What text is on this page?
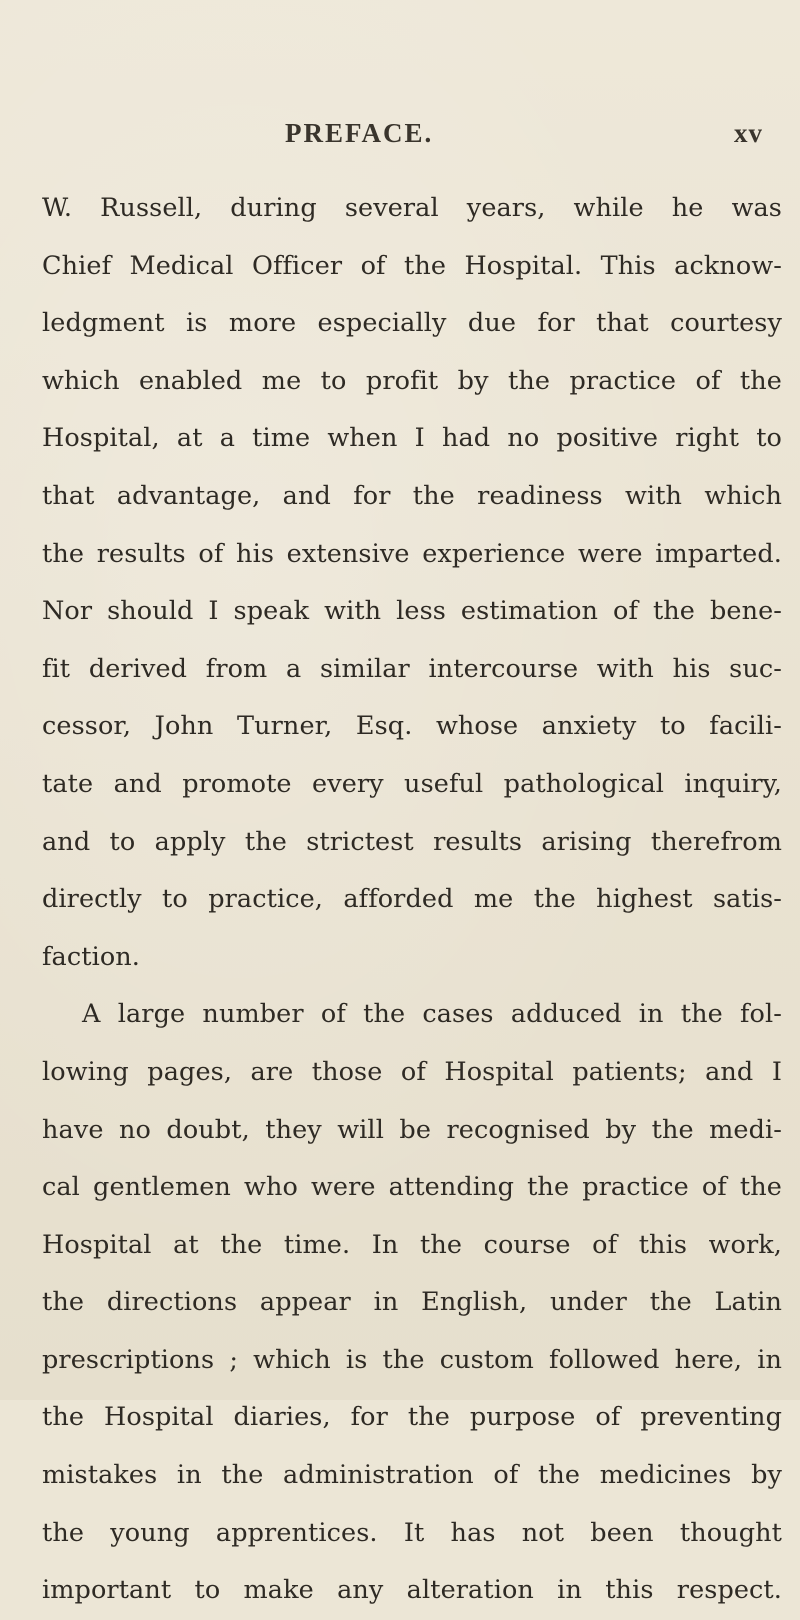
PREFACE.	xv
W. Russell, during several years, while he was
Chief Medical Officer of the Hospital. This acknow-
ledgment is more especially due for that courtesy
which enabled me to profit by the practice of the
Hospital, at a time when I had no positive right to
that advantage, and for the readiness with which
the results of his extensive experience were imparted.
Nor should I speak with less estimation of the bene-
fit derived from a similar intercourse with his suc-
cessor, John Turner, Esq. whose anxiety to facili-
tate and promote every useful pathological inquiry,
and to apply the strictest results arising therefrom
directly to practice, afforded me the highest satis-
faction.
A large number of the cases adduced in the fol-
lowing pages, are those of Hospital patients; and I
have no doubt, they will be recognised by the medi-
cal gentlemen who were attending the practice of the
Hospital at the time. In the course of this work,
the directions appear in English, under the Latin
prescriptions ; which is the custom followed here, in
the Hospital diaries, for the purpose of preventing
mistakes in the administration of the medicines by
the young apprentices. It has not been thought
important to make any alteration in this respect.
